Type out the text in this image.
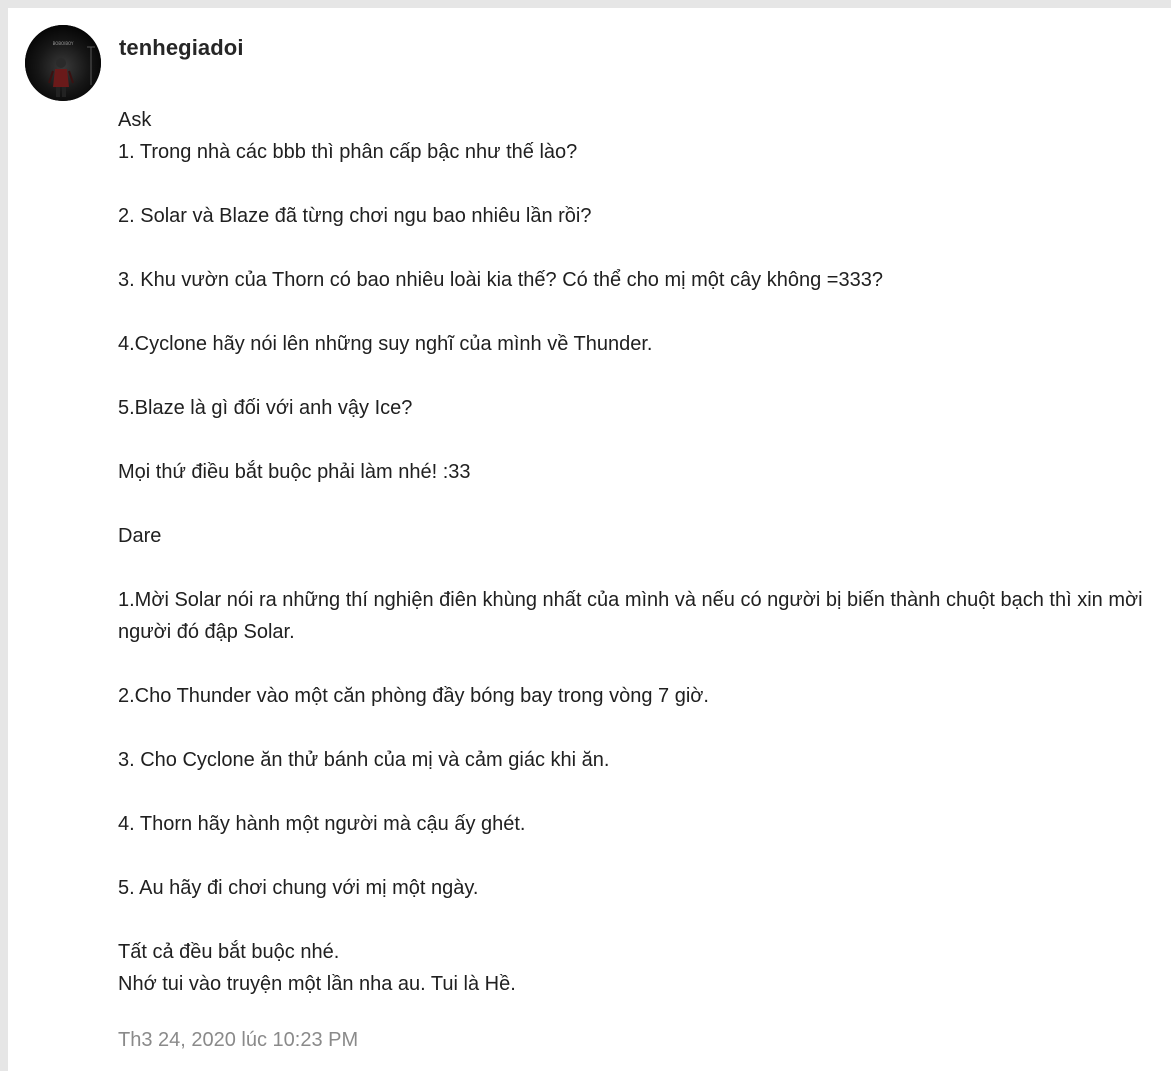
BOBOIBOY tenhegiadoi

Ask

1. Trong nhà các bbb thì phân cấp bậc như thế lào?

2. Solar và Blaze đã từng chơi ngu bao nhiêu lần rồi?

3. Khu vườn của Thorn có bao nhiêu loài kia thế? Có thể cho mị một cây không =333?

4.Cyclone hãy nói lên những suy nghĩ của mình về Thunder.

5.Blaze là gì đối với anh vậy Ice?

Mọi thứ điều bắt buộc phải làm nhé! :33

Dare

1.Mời Solar nói ra những thí nghiện điên khùng nhất của mình và nếu có người bị biến thành chuột bạch thì xin mời người đó đập Solar.

2.Cho Thunder vào một căn phòng đầy bóng bay trong vòng 7 giờ.

3. Cho Cyclone ăn thử bánh của mị và cảm giác khi ăn.

4. Thorn hãy hành một người mà cậu ấy ghét.

5. Au hãy đi chơi chung với mị một ngày.

Tất cả đều bắt buộc nhé.

Nhớ tui vào truyện một lần nha au. Tui là Hề.

Th3 24, 2020 lúc 10:23 PM
